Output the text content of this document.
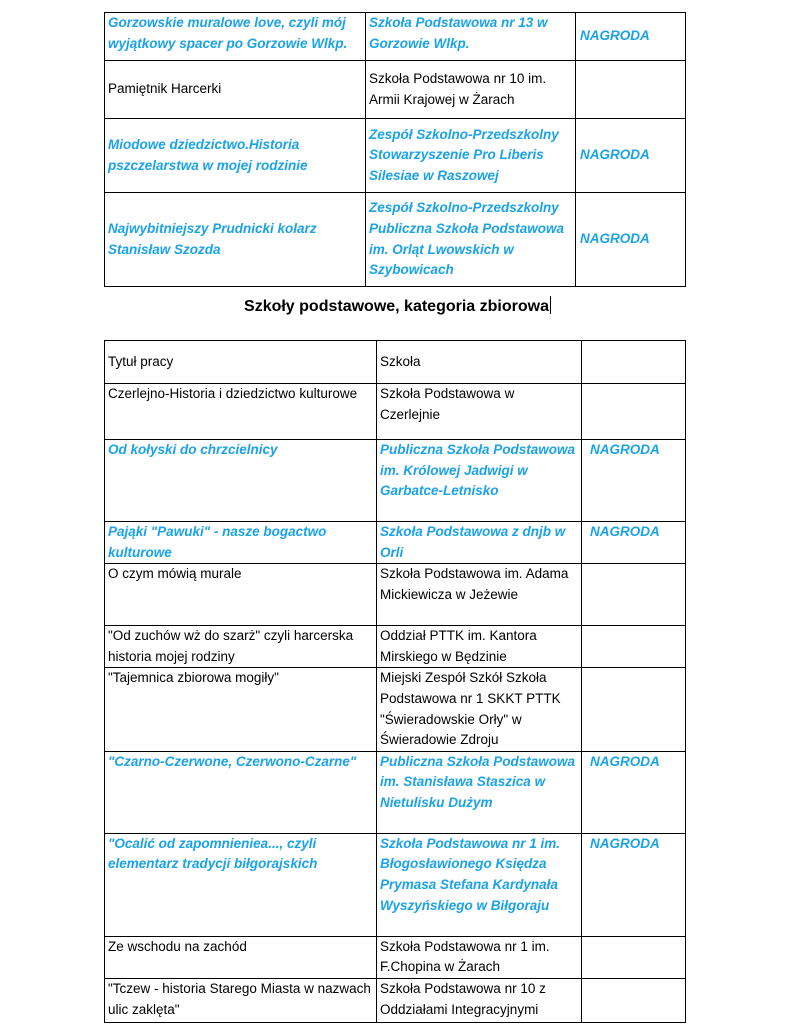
Gorzowskie muralowe love, czyli mój wyjątkowy spacer po Gorzowie Wlkp.	Szkoła Podstawowa nr 13 w Gorzowie Wlkp.	NAGRODA
Pamiętnik Harcerki	Szkoła Podstawowa nr 10 im. Armii Krajowej w Żarach	
Miodowe dziedzictwo.Historia pszczelarstwa w mojej rodzinie	Zespół Szkolno-Przedszkolny Stowarzyszenie Pro Liberis Silesiae w Raszowej	NAGRODA
Najwybitniejszy Prudnicki kolarz Stanisław Szozda	Zespół Szkolno-Przedszkolny Publiczna Szkoła Podstawowa im. Orląt Lwowskich w Szybowicach	NAGRODA
Szkoły podstawowe, kategoria zbiorowa
Tytuł pracy	Szkoła	
Czerlejno-Historia i dziedzictwo kulturowe	Szkoła Podstawowa w Czerlejnie	
Od kołyski do chrzcielnicy	Publiczna Szkoła Podstawowa im. Królowej Jadwigi w Garbatce-Letnisko	NAGRODA
Pająki "Pawuki" - nasze bogactwo kulturowe	Szkoła Podstawowa z dnjb w Orli	NAGRODA
O czym mówią murale	Szkoła Podstawowa im. Adama Mickiewicza w Jeżewie	
"Od zuchów wż do szarż" czyli harcerska historia mojej rodziny	Oddział PTTK im. Kantora Mirskiego w Będzinie	
"Tajemnica zbiorowa mogiły"	Miejski Zespół Szkół Szkoła Podstawowa nr 1 SKKT PTTK "Świeradowskie Orły" w Świeradowie Zdroju	
"Czarno-Czerwone, Czerwono-Czarne"	Publiczna Szkoła Podstawowa im. Stanisława Staszica w Nietulisku Dużym	NAGRODA
"Ocalić od zapomnieniea..., czyli elementarz tradycji biłgorajskich	Szkoła Podstawowa nr 1 im. Błogosławionego Księdza Prymasa Stefana Kardynała Wyszyńskiego w Biłgoraju	NAGRODA
Ze wschodu na zachód	Szkoła Podstawowa nr 1 im. F.Chopina w Żarach	
"Tczew - historia Starego Miasta w nazwach ulic zaklęta"	Szkoła Podstawowa nr 10 z Oddziałami Integracyjnymi	
